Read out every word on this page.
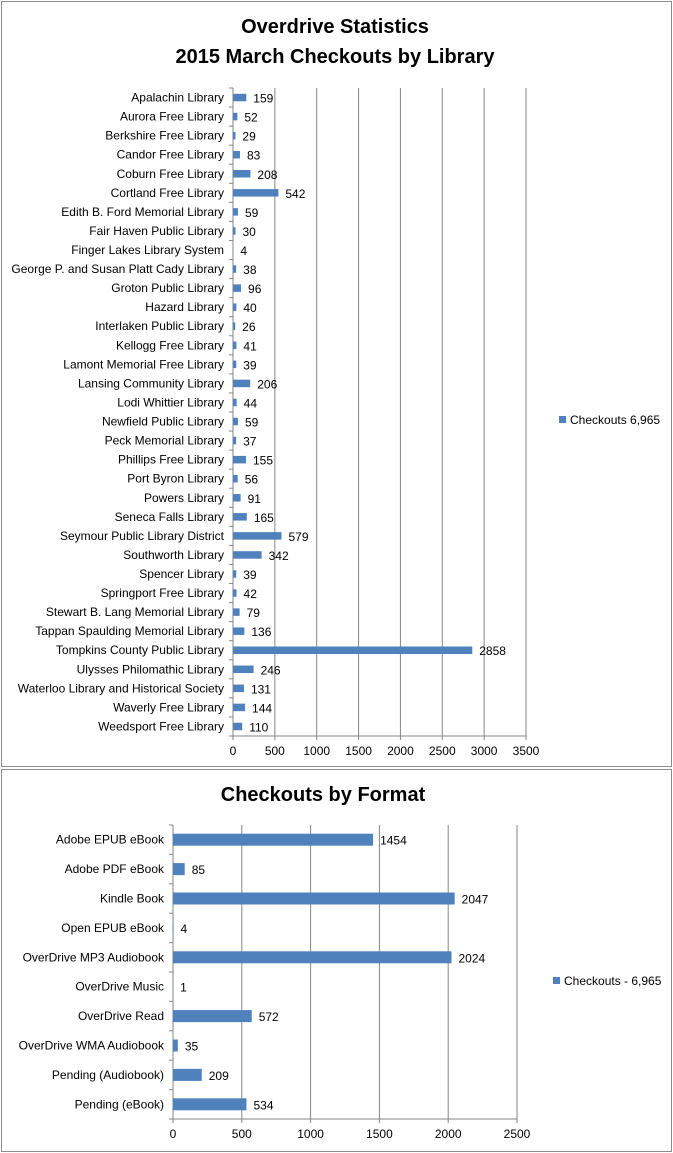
Overdrive Statistics
2015 March Checkouts by Library
0 500 1000 1500 2000 2500 3000 3500
Apalachin Library 159
Aurora Free Library 52
Berkshire Free Library 29
Candor Free Library 83
Coburn Free Library	208
Cortland Free Library	542
Edith B. Ford Memorial Library 59
Fair Haven Public Library 30
Finger Lakes Library System 4
George P. and Susan Platt Cady Library 38
Groton Public Library 96
Hazard Library 40
Interlaken Public Library 26
Kellogg Free Library 41
Lamont Memorial Free Library 39
Lansing Community Library	206
Lodi Whittier Library 44
Newfield Public Library 59
Peck Memorial Library 37
Phillips Free Library 155
Port Byron Library 56
Powers Library 91
Seneca Falls Library 165
Seymour Public Library District	579
Southworth Library	342
Spencer Library 39
Springport Free Library 42
Stewart B. Lang Memorial Library 79
Tappan Spaulding Memorial Library 136
Tompkins County Public Library	2858
Ulysses Philomathic Library	246
Waterloo Library and Historical Society 131
Waverly Free Library 144
Weedsport Free Library 110
Checkouts 6,965
Checkouts by Format
0	500	1000	1500	2000	2500
Adobe EPUB eBook	1454
Adobe PDF eBook 85
Kindle Book	2047
Open EPUB eBook 4
OverDrive MP3 Audiobook	2024
OverDrive Music 1
OverDrive Read	572
OverDrive WMA Audiobook 35
Pending (Audiobook)	209
Pending (eBook)	534
Checkouts - 6,965
